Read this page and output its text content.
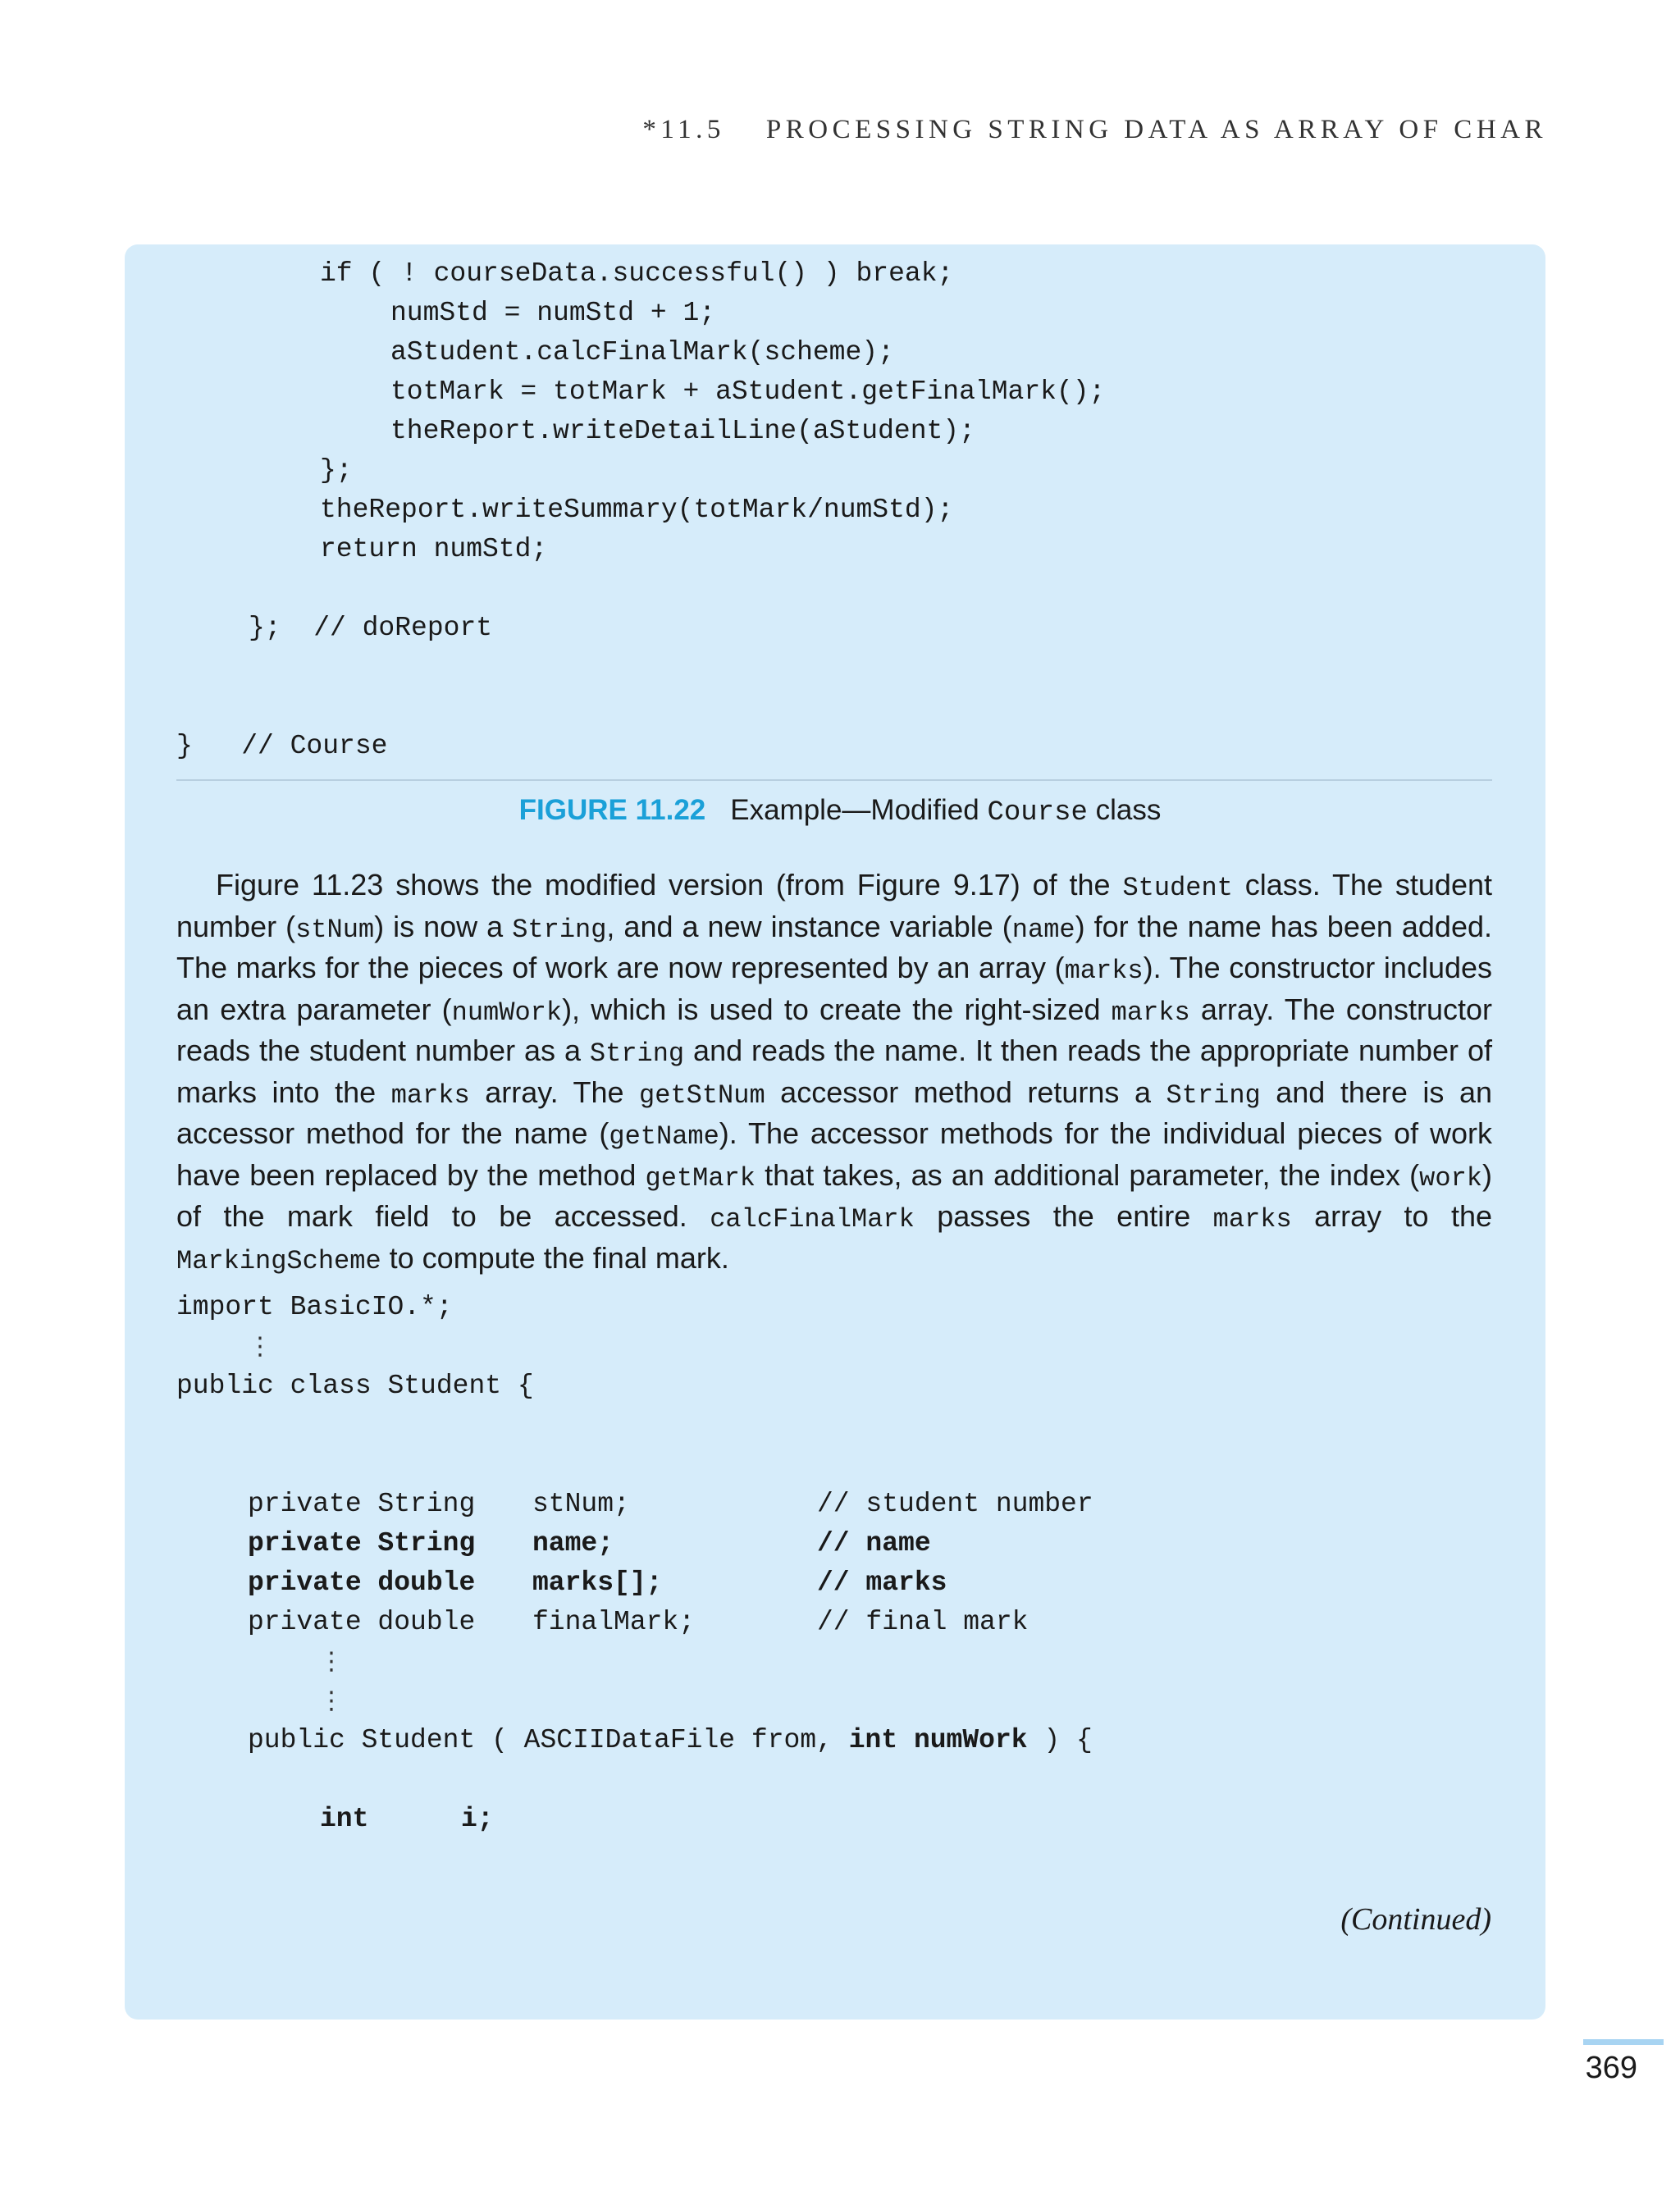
*11.5 PROCESSING STRING DATA AS ARRAY OF CHAR
if ( ! courseData.successful() ) break;
numStd = numStd + 1;
aStudent.calcFinalMark(scheme);
totMark = totMark + aStudent.getFinalMark();
theReport.writeDetailLine(aStudent);
};
theReport.writeSummary(totMark/numStd);
return numStd;
};  // doReport
}   // Course
FIGURE 11.22 Example—Modified Course class
Figure 11.23 shows the modified version (from Figure 9.17) of the Student class. The student number (stNum) is now a String, and a new instance variable (name) for the name has been added. The marks for the pieces of work are now represented by an array (marks). The constructor includes an extra parameter (numWork), which is used to create the right-sized marks array. The constructor reads the student number as a String and reads the name. It then reads the appropriate number of marks into the marks array. The getStNum accessor method returns a String and there is an accessor method for the name (getName). The accessor methods for the individual pieces of work have been replaced by the method getMark that takes, as an additional parameter, the index (work) of the mark field to be accessed. calcFinalMark passes the entire marks array to the MarkingScheme to compute the final mark.
import BasicIO.*;
⋮
public class Student {
private String stNum;	// student number
private String name;	// name
private double marks[];	// marks
private double finalMark;	// final mark
⋮
⋮
public Student ( ASCIIDataFile from, int numWork ) {
int	i;
(Continued)
369
